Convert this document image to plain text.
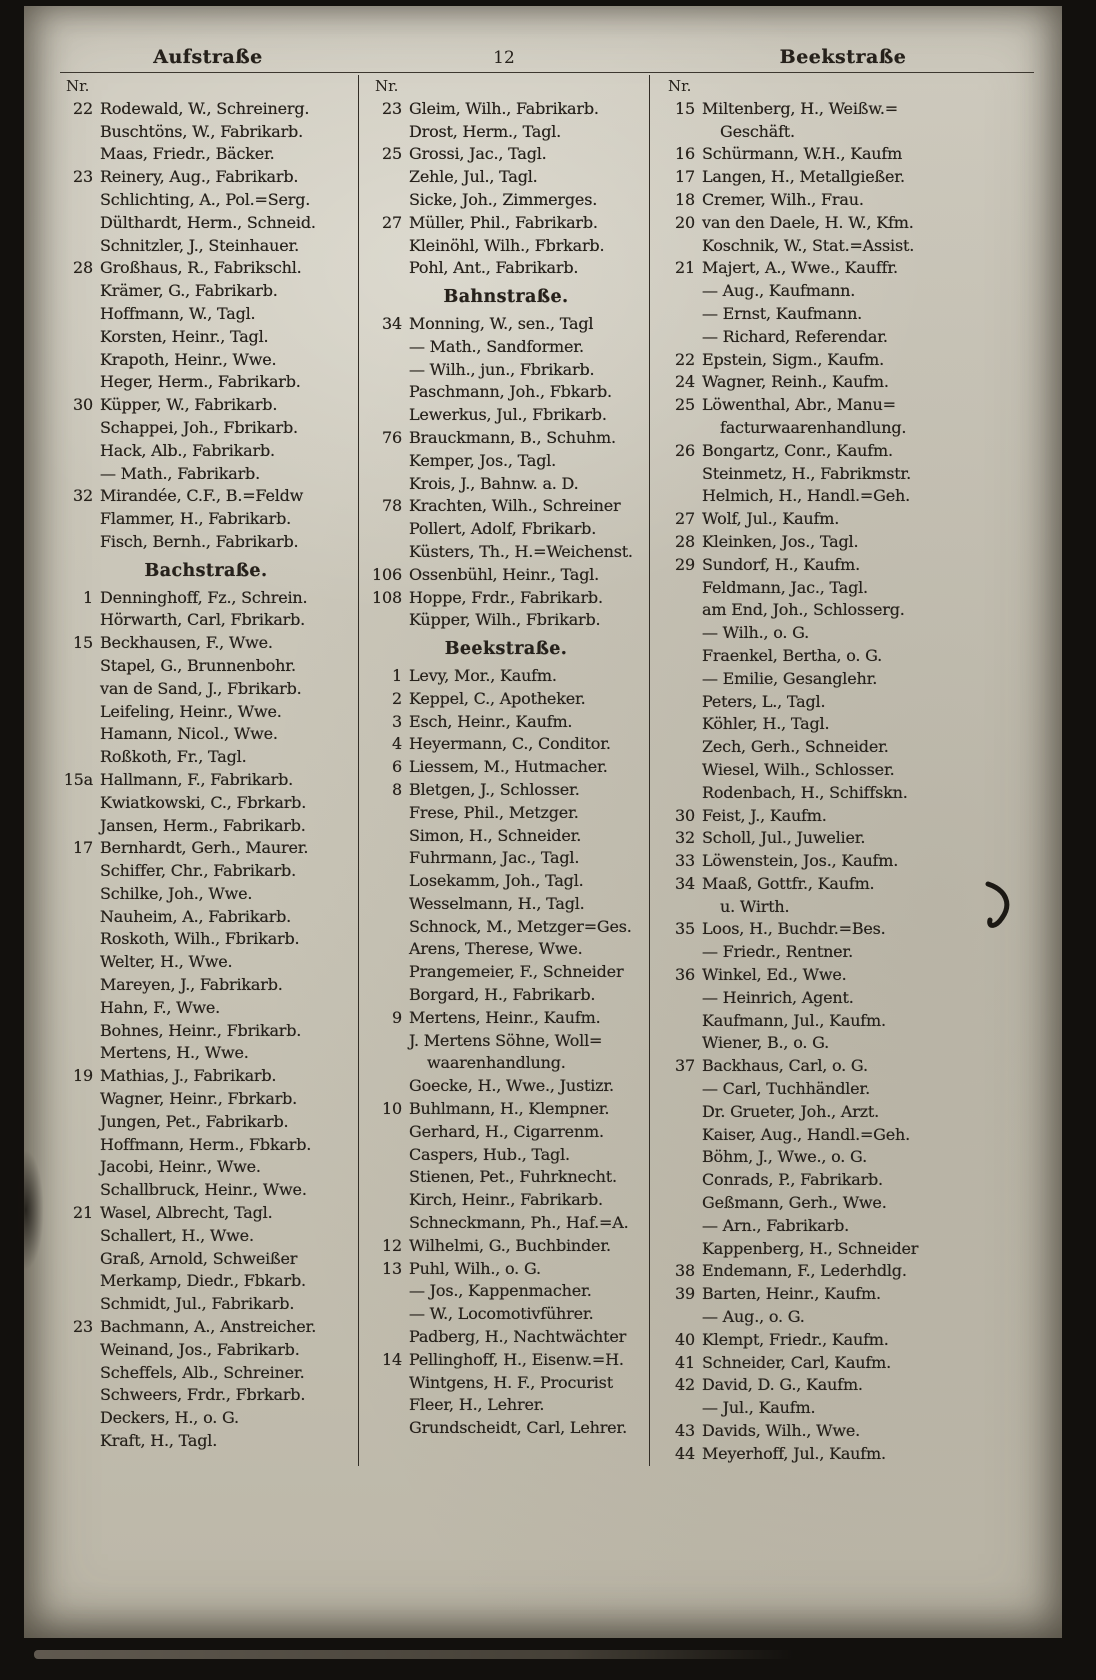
Aufstraße	12	Beekstraße
Nr.
22 Rodewald, W., Schreinerg.
Buschtöns, W., Fabrikarb.
Maas, Friedr., Bäcker.
23 Reinery, Aug., Fabrikarb.
Schlichting, A., Pol.=Serg.
Dülthardt, Herm., Schneid.
Schnitzler, J., Steinhauer.
28 Großhaus, R., Fabrikschl.
Krämer, G., Fabrikarb.
Hoffmann, W., Tagl.
Korsten, Heinr., Tagl.
Krapoth, Heinr., Wwe.
Heger, Herm., Fabrikarb.
30 Küpper, W., Fabrikarb.
Schappei, Joh., Fbrikarb.
Hack, Alb., Fabrikarb.
— Math., Fabrikarb.
32 Mirandée, C.F., B.=Feldw
Flammer, H., Fabrikarb.
Fisch, Bernh., Fabrikarb.
Bachstraße.
1 Denninghoff, Fz., Schrein.
Hörwarth, Carl, Fbrikarb.
15 Beckhausen, F., Wwe.
Stapel, G., Brunnenbohr.
van de Sand, J., Fbrikarb.
Leifeling, Heinr., Wwe.
Hamann, Nicol., Wwe.
Roßkoth, Fr., Tagl.
15a Hallmann, F., Fabrikarb.
Kwiatkowski, C., Fbrkarb.
Jansen, Herm., Fabrikarb.
17 Bernhardt, Gerh., Maurer.
Schiffer, Chr., Fabrikarb.
Schilke, Joh., Wwe.
Nauheim, A., Fabrikarb.
Roskoth, Wilh., Fbrikarb.
Welter, H., Wwe.
Mareyen, J., Fabrikarb.
Hahn, F., Wwe.
Bohnes, Heinr., Fbrikarb.
Mertens, H., Wwe.
19 Mathias, J., Fabrikarb.
Wagner, Heinr., Fbrkarb.
Jungen, Pet., Fabrikarb.
Hoffmann, Herm., Fbkarb.
Jacobi, Heinr., Wwe.
Schallbruck, Heinr., Wwe.
21 Wasel, Albrecht, Tagl.
Schallert, H., Wwe.
Graß, Arnold, Schweißer
Merkamp, Diedr., Fbkarb.
Schmidt, Jul., Fabrikarb.
23 Bachmann, A., Anstreicher.
Weinand, Jos., Fabrikarb.
Scheffels, Alb., Schreiner.
Schweers, Frdr., Fbrkarb.
Deckers, H., o. G.
Kraft, H., Tagl.
Nr.
23 Gleim, Wilh., Fabrikarb.
Drost, Herm., Tagl.
25 Grossi, Jac., Tagl.
Zehle, Jul., Tagl.
Sicke, Joh., Zimmerges.
27 Müller, Phil., Fabrikarb.
Kleinöhl, Wilh., Fbrkarb.
Pohl, Ant., Fabrikarb.
Bahnstraße.
34 Monning, W., sen., Tagl
— Math., Sandformer.
— Wilh., jun., Fbrikarb.
Paschmann, Joh., Fbkarb.
Lewerkus, Jul., Fbrikarb.
76 Brauckmann, B., Schuhm.
Kemper, Jos., Tagl.
Krois, J., Bahnw. a. D.
78 Krachten, Wilh., Schreiner
Pollert, Adolf, Fbrikarb.
Küsters, Th., H.=Weichenst.
106 Ossenbühl, Heinr., Tagl.
108 Hoppe, Frdr., Fabrikarb.
Küpper, Wilh., Fbrikarb.
Beekstraße.
1 Levy, Mor., Kaufm.
2 Keppel, C., Apotheker.
3 Esch, Heinr., Kaufm.
4 Heyermann, C., Conditor.
6 Liessem, M., Hutmacher.
8 Bletgen, J., Schlosser.
Frese, Phil., Metzger.
Simon, H., Schneider.
Fuhrmann, Jac., Tagl.
Losekamm, Joh., Tagl.
Wesselmann, H., Tagl.
Schnock, M., Metzger=Ges.
Arens, Therese, Wwe.
Prangemeier, F., Schneider
Borgard, H., Fabrikarb.
9 Mertens, Heinr., Kaufm.
J. Mertens Söhne, Woll=
waarenhandlung.
Goecke, H., Wwe., Justizr.
10 Buhlmann, H., Klempner.
Gerhard, H., Cigarrenm.
Caspers, Hub., Tagl.
Stienen, Pet., Fuhrknecht.
Kirch, Heinr., Fabrikarb.
Schneckmann, Ph., Haf.=A.
12 Wilhelmi, G., Buchbinder.
13 Puhl, Wilh., o. G.
— Jos., Kappenmacher.
— W., Locomotivführer.
Padberg, H., Nachtwächter
14 Pellinghoff, H., Eisenw.=H.
Wintgens, H. F., Procurist
Fleer, H., Lehrer.
Grundscheidt, Carl, Lehrer.
Nr.
15 Miltenberg, H., Weißw.=
Geschäft.
16 Schürmann, W.H., Kaufm
17 Langen, H., Metallgießer.
18 Cremer, Wilh., Frau.
20 van den Daele, H. W., Kfm.
Koschnik, W., Stat.=Assist.
21 Majert, A., Wwe., Kauffr.
— Aug., Kaufmann.
— Ernst, Kaufmann.
— Richard, Referendar.
22 Epstein, Sigm., Kaufm.
24 Wagner, Reinh., Kaufm.
25 Löwenthal, Abr., Manu=
facturwaarenhandlung.
26 Bongartz, Conr., Kaufm.
Steinmetz, H., Fabrikmstr.
Helmich, H., Handl.=Geh.
27 Wolf, Jul., Kaufm.
28 Kleinken, Jos., Tagl.
29 Sundorf, H., Kaufm.
Feldmann, Jac., Tagl.
am End, Joh., Schlosserg.
— Wilh., o. G.
Fraenkel, Bertha, o. G.
— Emilie, Gesanglehr.
Peters, L., Tagl.
Köhler, H., Tagl.
Zech, Gerh., Schneider.
Wiesel, Wilh., Schlosser.
Rodenbach, H., Schiffskn.
30 Feist, J., Kaufm.
32 Scholl, Jul., Juwelier.
33 Löwenstein, Jos., Kaufm.
34 Maaß, Gottfr., Kaufm.
u. Wirth.
35 Loos, H., Buchdr.=Bes.
— Friedr., Rentner.
36 Winkel, Ed., Wwe.
— Heinrich, Agent.
Kaufmann, Jul., Kaufm.
Wiener, B., o. G.
37 Backhaus, Carl, o. G.
— Carl, Tuchhändler.
Dr. Grueter, Joh., Arzt.
Kaiser, Aug., Handl.=Geh.
Böhm, J., Wwe., o. G.
Conrads, P., Fabrikarb.
Geßmann, Gerh., Wwe.
— Arn., Fabrikarb.
Kappenberg, H., Schneider
38 Endemann, F., Lederhdlg.
39 Barten, Heinr., Kaufm.
— Aug., o. G.
40 Klempt, Friedr., Kaufm.
41 Schneider, Carl, Kaufm.
42 David, D. G., Kaufm.
— Jul., Kaufm.
43 Davids, Wilh., Wwe.
44 Meyerhoff, Jul., Kaufm.
